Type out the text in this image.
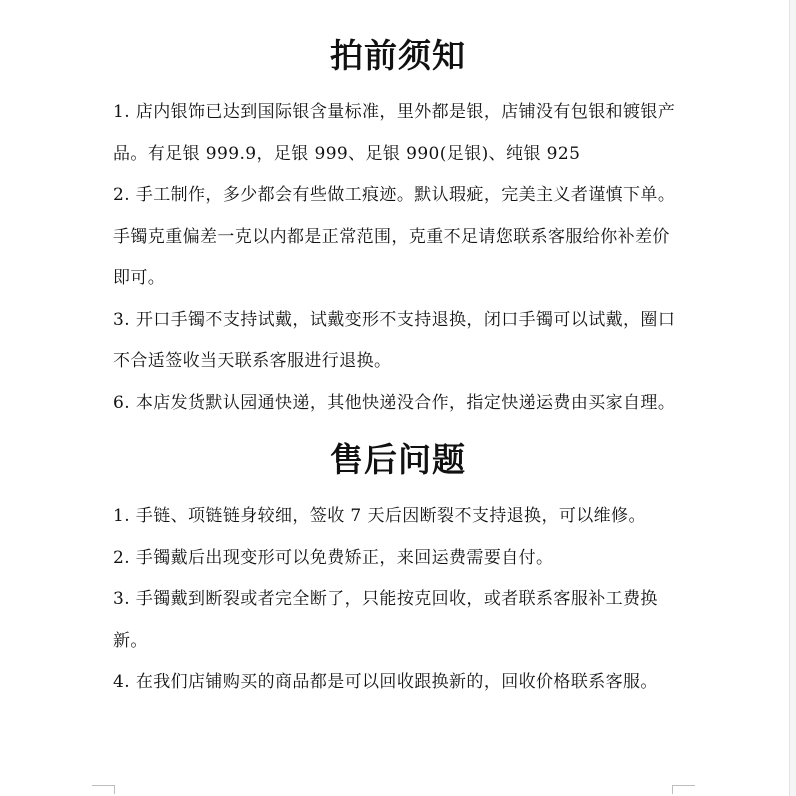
拍前须知

1. 店内银饰已达到国际银含量标准，里外都是银，店铺没有包银和镀银产品。有足银 999.9，足银 999、足银 990(足银)、纯银 925

2. 手工制作，多少都会有些做工痕迹。默认瑕疵，完美主义者谨慎下单。手镯克重偏差一克以内都是正常范围，克重不足请您联系客服给你补差价即可。

3. 开口手镯不支持试戴，试戴变形不支持退换，闭口手镯可以试戴，圈口不合适签收当天联系客服进行退换。

6. 本店发货默认园通快递，其他快递没合作，指定快递运费由买家自理。

售后问题

1. 手链、项链链身较细，签收 7 天后因断裂不支持退换，可以维修。

2. 手镯戴后出现变形可以免费矫正，来回运费需要自付。

3. 手镯戴到断裂或者完全断了，只能按克回收，或者联系客服补工费换新。

4. 在我们店铺购买的商品都是可以回收跟换新的，回收价格联系客服。
